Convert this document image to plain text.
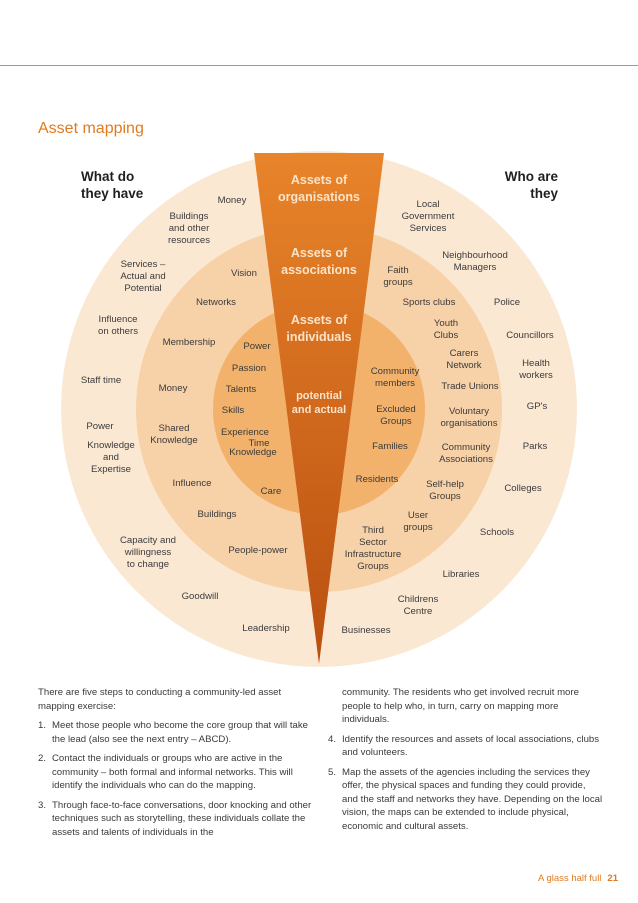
Asset mapping
What do
they have
Who are
they
Assets of
organisations
Assets of
associations
Assets of
individuals
potential
and actual
Money
Buildings
and other
resources
Services –
Actual and
Potential
Vision
Networks
Influence
on others
Membership	Power
Passion
Staff time
Money	Talents
Skills
Power	Shared
Knowledge
Experience
Knowledge
Time
Knowledge
and
Expertise
Influence
Care
Buildings
Capacity and
willingness
to change
People-power
Goodwill
Leadership
Local
Government
Services
Neighbourhood
Managers
Faith
groups
Sports clubs	Police
Youth
Clubs	Councillors
Carers
Network
Community
members
Health
workers
Trade Unions
Excluded
Groups
Voluntary
organisations
GP's
Families	Community
Associations
Parks
Residents	Self-help
Groups
Colleges
User
groups	Schools
Third
Sector
Infrastructure
Groups
Libraries
Childrens
Centre
Businesses

There are five steps to conducting a community-led asset mapping exercise:

1. Meet those people who become the core group that will take the lead (also see the next entry – ABCD).
2. Contact the individuals or groups who are active in the community – both formal and informal networks. This will identify the individuals who can do the mapping.
3. Through face-to-face conversations, door knocking and other techniques such as storytelling, these individuals collate the assets and talents of individuals in the

community. The residents who get involved recruit more people to help who, in turn, carry on mapping more individuals.

4. Identify the resources and assets of local associations, clubs and volunteers.
5. Map the assets of the agencies including the services they offer, the physical spaces and funding they could provide, and the staff and networks they have. Depending on the local vision, the maps can be extended to include physical, economic and cultural assets.
A glass half full 21
